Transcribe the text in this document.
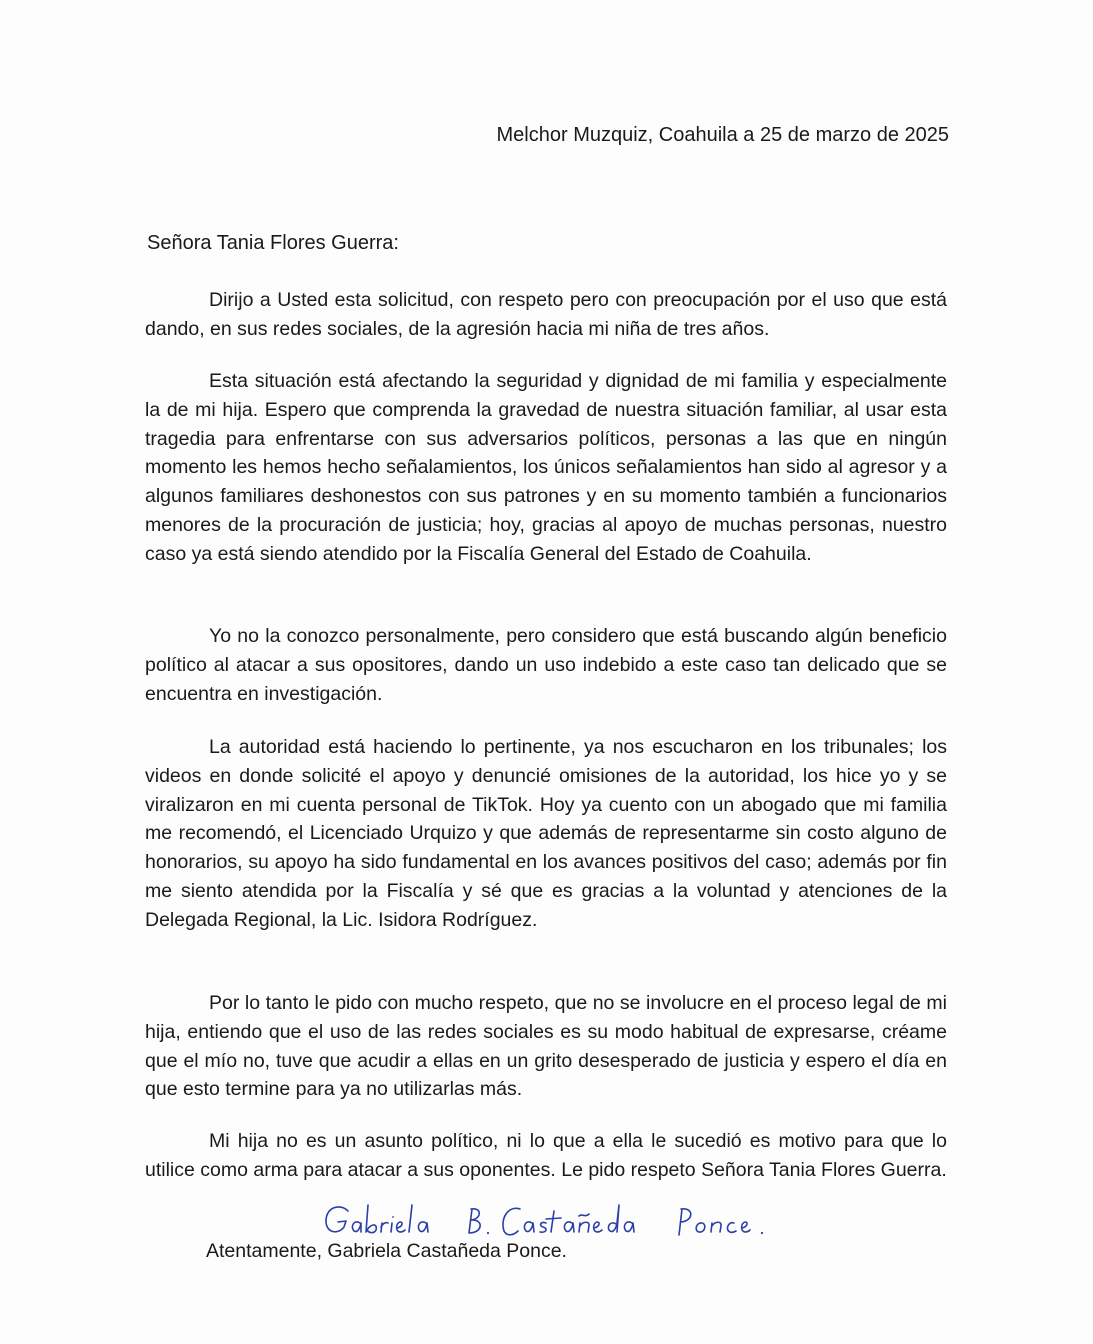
Melchor Muzquiz, Coahuila a 25 de marzo de 2025
Señora Tania Flores Guerra:

Dirijo a Usted esta solicitud, con respeto pero con preocupación por el uso que está dando, en sus redes sociales, de la agresión hacia mi niña de tres años.

Esta situación está afectando la seguridad y dignidad de mi familia y especialmente la de mi hija. Espero que comprenda la gravedad de nuestra situación familiar, al usar esta tragedia para enfrentarse con sus adversarios políticos, personas a las que en ningún momento les hemos hecho señalamientos, los únicos señalamientos han sido al agresor y a algunos familiares deshonestos con sus patrones y en su momento también a funcionarios menores de la procuración de justicia; hoy, gracias al apoyo de muchas personas, nuestro caso ya está siendo atendido por la Fiscalía General del Estado de Coahuila.

Yo no la conozco personalmente, pero considero que está buscando algún beneficio político al atacar a sus opositores, dando un uso indebido a este caso tan delicado que se encuentra en investigación.

La autoridad está haciendo lo pertinente, ya nos escucharon en los tribunales; los videos en donde solicité el apoyo y denuncié omisiones de la autoridad, los hice yo y se viralizaron en mi cuenta personal de TikTok. Hoy ya cuento con un abogado que mi familia me recomendó, el Licenciado Urquizo y que además de representarme sin costo alguno de honorarios, su apoyo ha sido fundamental en los avances positivos del caso; además por fin me siento atendida por la Fiscalía y sé que es gracias a la voluntad y atenciones de la Delegada Regional, la Lic. Isidora Rodríguez.

Por lo tanto le pido con mucho respeto, que no se involucre en el proceso legal de mi hija, entiendo que el uso de las redes sociales es su modo habitual de expresarse, créame que el mío no, tuve que acudir a ellas en un grito desesperado de justicia y espero el día en que esto termine para ya no utilizarlas más.

Mi hija no es un asunto político, ni lo que a ella le sucedió es motivo para que lo utilice como arma para atacar a sus oponentes. Le pido respeto Señora Tania Flores Guerra.

Atentamente, Gabriela Castañeda Ponce.
